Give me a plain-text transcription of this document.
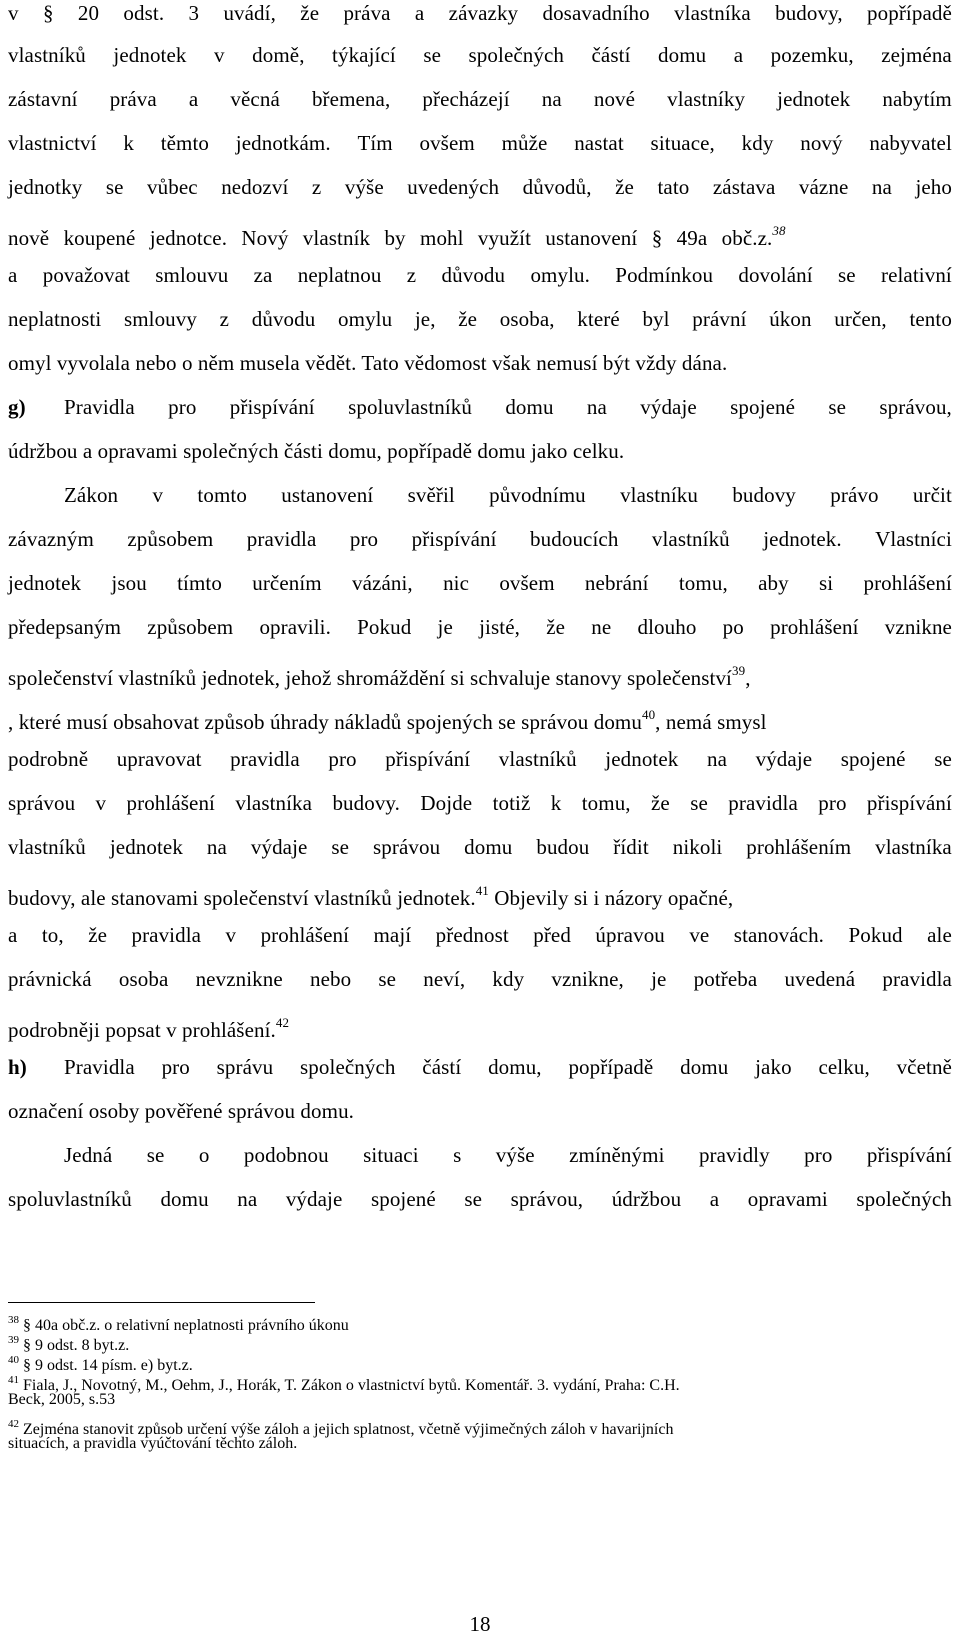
v § 20 odst. 3 uvádí, že práva a závazky dosavadního vlastníka budovy, popřípadě
vlastníků jednotek v domě, týkající se společných částí domu a pozemku, zejména
zástavní práva a věcná břemena, přecházejí na nové vlastníky jednotek nabytím
vlastnictví k těmto jednotkám. Tím ovšem může nastat situace, kdy nový nabyvatel
jednotky se vůbec nedozví z výše uvedených důvodů, že tato zástava vázne na jeho
nově koupené jednotce. Nový vlastník by mohl využít ustanovení § 49a obč.z.$^{38}$
a považovat smlouvu za neplatnou z důvodu omylu. Podmínkou dovolání se relativní
neplatnosti smlouvy z důvodu omylu je, že osoba, které byl právní úkon určen, tento
omyl vyvolala nebo o něm musela vědět. Tato vědomost však nemusí být vždy dána.
g) Pravidla pro přispívání spoluvlastníků domu na výdaje spojené se správou,
údržbou a opravami společných části domu, popřípadě domu jako celku.
Zákon v tomto ustanovení svěřil původnímu vlastníku budovy právo určit
závazným způsobem pravidla pro přispívání budoucích vlastníků jednotek. Vlastníci
jednotek jsou tímto určením vázáni, nic ovšem nebrání tomu, aby si prohlášení
předepsaným způsobem opravili. Pokud je jisté, že ne dlouho po prohlášení vznikne
společenství vlastníků jednotek, jehož shromáždění si schvaluje stanovy společenství$^{39}$,
, které musí obsahovat způsob úhrady nákladů spojených se správou domu$^{40}$, nemá smysl
podrobně upravovat pravidla pro přispívání vlastníků jednotek na výdaje spojené se
správou v prohlášení vlastníka budovy. Dojde totiž k tomu, že se pravidla pro přispívání
vlastníků jednotek na výdaje se správou domu budou řídit nikoli prohlášením vlastníka
budovy, ale stanovami společenství vlastníků jednotek.$^{41}$ Objevily si i názory opačné,
a to, že pravidla v prohlášení mají přednost před úpravou ve stanovách. Pokud ale
právnická osoba nevznikne nebo se neví, kdy vznikne, je potřeba uvedená pravidla
podrobněji popsat v prohlášení.$^{42}$
h) Pravidla pro správu společných částí domu, popřípadě domu jako celku, včetně
označení osoby pověřené správou domu.
Jedná se o podobnou situaci s výše zmíněnými pravidly pro přispívání
spoluvlastníků domu na výdaje spojené se správou, údržbou a opravami společných
$^{38}$ § 40a obč.z. o relativní neplatnosti právního úkonu
$^{39}$ § 9 odst. 8 byt.z.
$^{40}$ § 9 odst. 14 písm. e) byt.z.
$^{41}$ Fiala, J., Novotný, M., Oehm, J., Horák, T. Zákon o vlastnictví bytů. Komentář. 3. vydání, Praha: C.H.
Beck, 2005, s.53
$^{42}$ Zejména stanovit způsob určení výše záloh a jejich splatnost, včetně výjimečných záloh v havarijních
situacích, a pravidla vyúčtování těchto záloh.
18
